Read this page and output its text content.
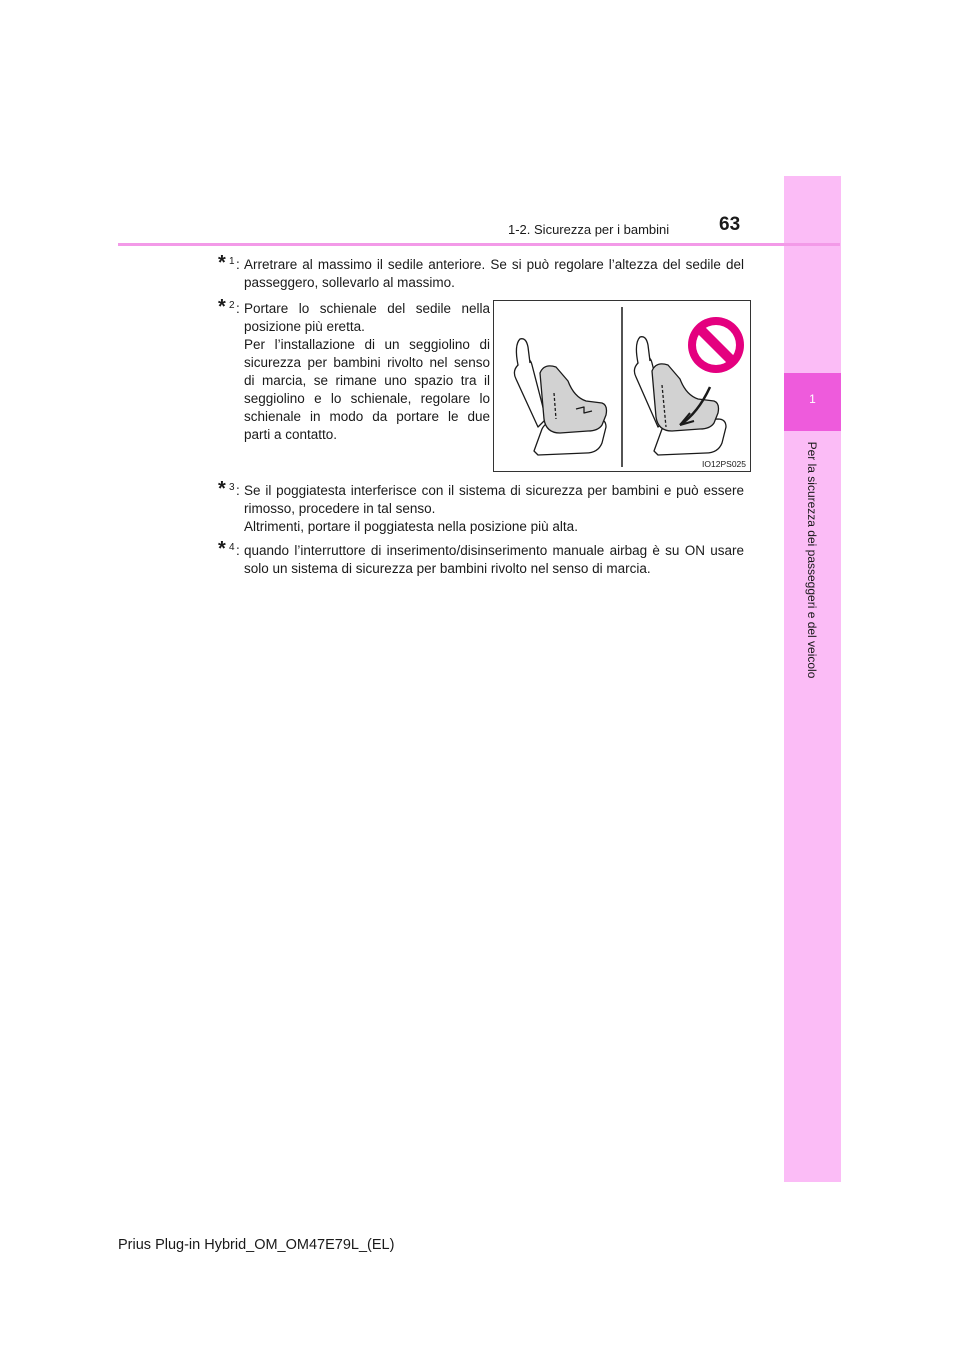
1
Per la sicurezza dei passeggeri e del veicolo
1-2. Sicurezza per i bambini	63
* 1 : Arretrare al massimo il sedile anteriore. Se si può regolare l’altezza del sedile del
passeggero, sollevarlo al massimo.
* 2 : Portare lo schienale del sedile nella
posizione più eretta.
Per l’installazione di un seggiolino di
sicurezza per bambini rivolto nel senso
di marcia, se rimane uno spazio tra il
seggiolino e lo schienale, regolare lo
schienale in modo da portare le due
parti a contatto.
IO12PS025
* 3 : Se il poggiatesta interferisce con il sistema di sicurezza per bambini e può essere
rimosso, procedere in tal senso.
Altrimenti, portare il poggiatesta nella posizione più alta.
* 4 : quando l’interruttore di inserimento/disinserimento manuale airbag è su ON usare
solo un sistema di sicurezza per bambini rivolto nel senso di marcia.
Prius Plug-in Hybrid_OM_OM47E79L_(EL)
